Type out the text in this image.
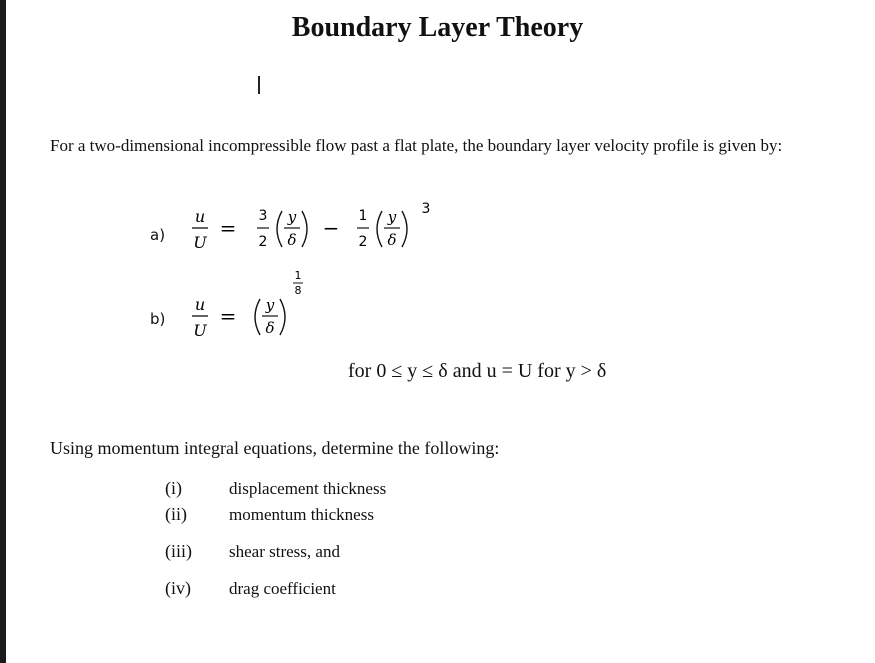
Boundary Layer Theory
For a two-dimensional incompressible flow past a flat plate, the boundary layer velocity profile is given by:
a)
u
U
= 3
2
y
δ − 1
2
y
δ
3
b)
u
U
= y
δ
1
8
for 0 ≤ y ≤ δ and u = U for y > δ
Using momentum integral equations, determine the following:
(i)	displacement thickness
(ii) momentum thickness
(iii) shear stress, and
(iv) drag coefficient
